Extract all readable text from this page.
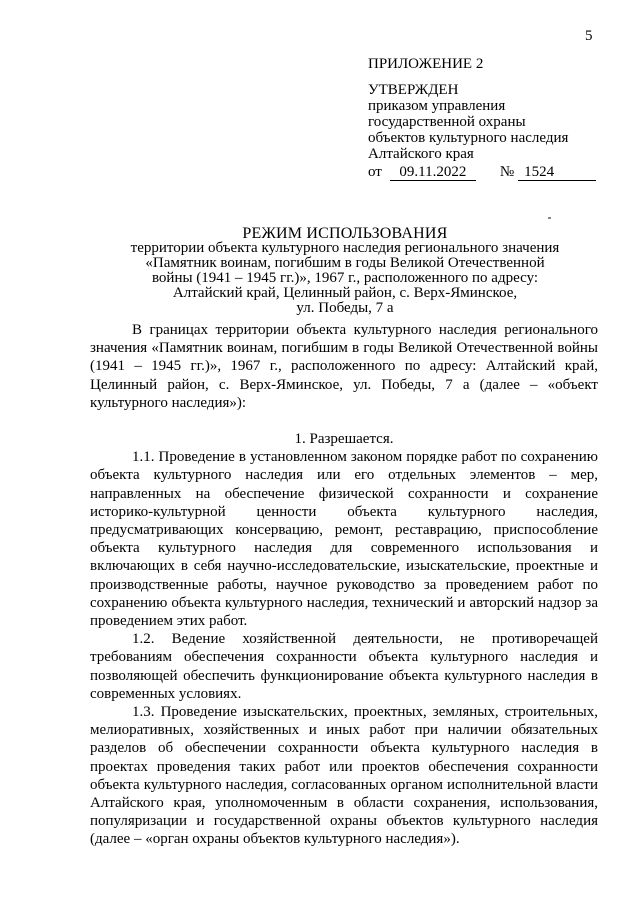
5
ПРИЛОЖЕНИЕ 2
УТВЕРЖДЕН
приказом управления
государственной охраны
объектов культурного наследия
Алтайского края
от 09.11.2022 № 1524
РЕЖИМ ИСПОЛЬЗОВАНИЯ
территории объекта культурного наследия регионального значения
«Памятник воинам, погибшим в годы Великой Отечественной
войны (1941 – 1945 гг.)», 1967 г., расположенного по адресу:
Алтайский край, Целинный район, с. Верх-Яминское,
ул. Победы, 7 а

В границах территории объекта культурного наследия регионального значения «Памятник воинам, погибшим в годы Великой Отечественной войны (1941 – 1945 гг.)», 1967 г., расположенного по адресу: Алтайский край, Целинный район, с. Верх-Яминское, ул. Победы, 7 а (далее – «объект культурного наследия»):

1. Разрешается.

1.1. Проведение в установленном законом порядке работ по сохранению объекта культурного наследия или его отдельных элементов – мер, направленных на обеспечение физической сохранности и сохранение историко-культурной ценности объекта культурного наследия, предусматривающих консервацию, ремонт, реставрацию, приспособление объекта культурного наследия для современного использования и включающих в себя научно-исследовательские, изыскательские, проектные и производственные работы, научное руководство за проведением работ по сохранению объекта культурного наследия, технический и авторский надзор за проведением этих работ.

1.2. Ведение хозяйственной деятельности, не противоречащей требованиям обеспечения сохранности объекта культурного наследия и позволяющей обеспечить функционирование объекта культурного наследия в современных условиях.

1.3. Проведение изыскательских, проектных, земляных, строительных, мелиоративных, хозяйственных и иных работ при наличии обязательных разделов об обеспечении сохранности объекта культурного наследия в проектах проведения таких работ или проектов обеспечения сохранности объекта культурного наследия, согласованных органом исполнительной власти Алтайского края, уполномоченным в области сохранения, использования, популяризации и государственной охраны объектов культурного наследия (далее – «орган охраны объектов культурного наследия»).
